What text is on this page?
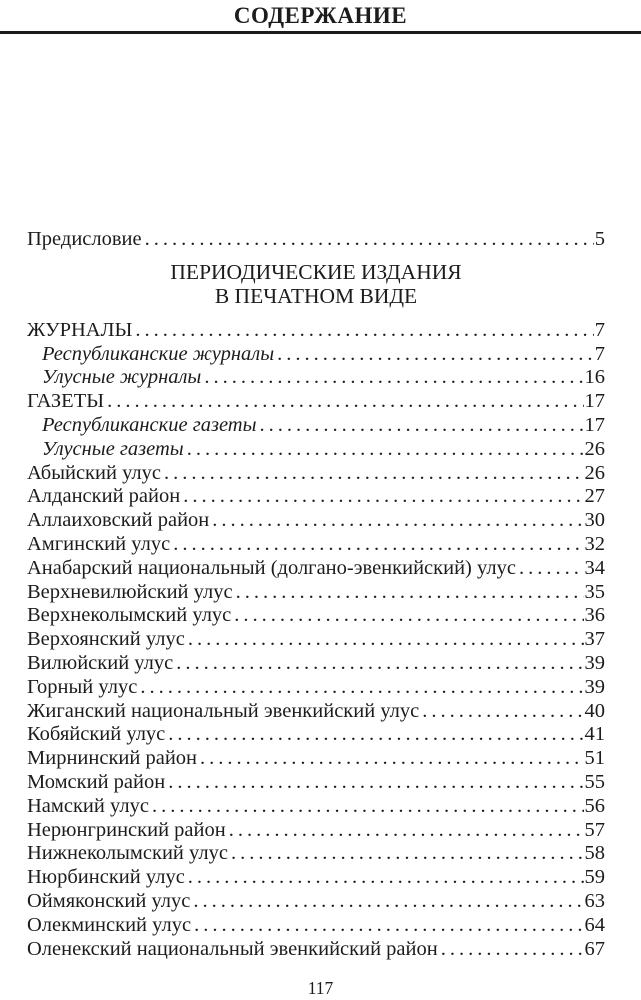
СОДЕРЖАНИЕ
Предисловие .....	5
ПЕРИОДИЧЕСКИЕ ИЗДАНИЯ
В ПЕЧАТНОМ ВИДЕ
ЖУРНАЛЫ .....	7
Республиканские журналы .....	7
Улусные журналы .....	16
ГАЗЕТЫ .....	17
Республиканские газеты .....	17
Улусные газеты .....	26
Абыйский улус .....	26
Алданский район .....	27
Аллаиховский район .....	30
Амгинский улус .....	32
Анабарский национальный (долгано-эвенкийский) улус .....	34
Верхневилюйский улус .....	35
Верхнеколымский улус .....	36
Верхоянский улус .....	37
Вилюйский улус .....	39
Горный улус .....	39
Жиганский национальный эвенкийский улус .....	40
Кобяйский улус .....	41
Мирнинский район .....	51
Момский район .....	55
Намский улус .....	56
Нерюнгринский район .....	57
Нижнеколымский улус .....	58
Нюрбинский улус .....	59
Оймяконский улус .....	63
Олекминский улус .....	64
Оленекский национальный эвенкийский район .....	67
117
